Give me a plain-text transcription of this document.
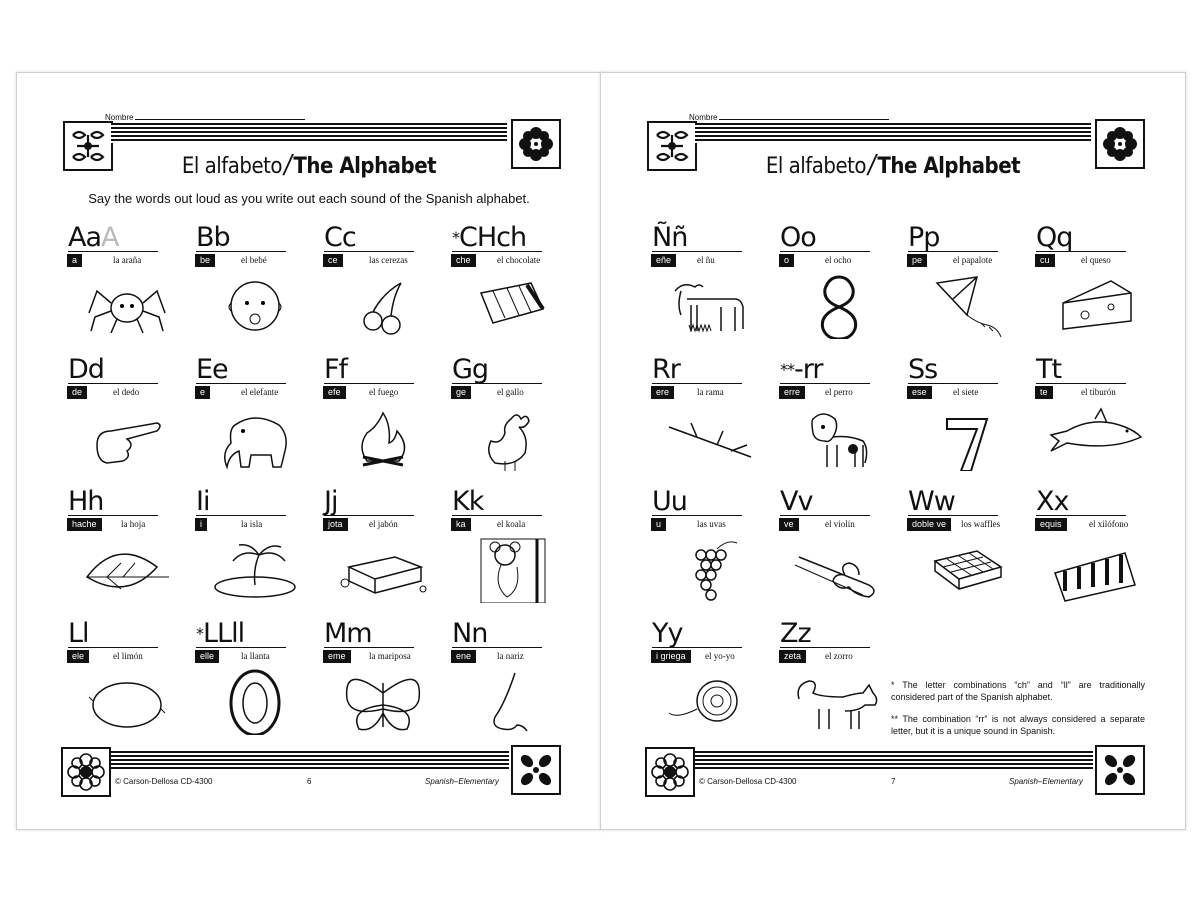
Nombre
El alfabeto/The Alphabet
Say the words out loud as you write out each sound of the Spanish alphabet.
AaA
a	la araña
Bb
be	el bebé
Cc
ce	las cerezas
*CHch
che	el chocolate
Dd
de	el dedo
Ee
e	el elefante
Ff
efe	el fuego
Gg
ge	el gallo
Hh
hache	la hoja
Ii
i	la isla
Jj
jota	el jabón
Kk
ka	el koala
Ll
ele	el limón
*LLll
elle	la llanta
Mm
eme	la mariposa
Nn
ene	la nariz
© Carson-Dellosa CD-4300	6	Spanish–Elementary
Nombre
El alfabeto/The Alphabet
Ññ
eñe	el ñu
Oo
o	el ocho
Pp
pe	el papalote
Qq
cu	el queso
Rr
ere	la rama
**-rr
erre	el perro
Ss
ese	el siete
Tt
te	el tiburón
Uu
u	las uvas
Vv
ve	el violín
Ww
doble ve	los waffles
Xx
equis	el xilófono
Yy
i griega	el yo-yo
Zz
zeta	el zorro

* The letter combinations “ch” and “ll” are traditionally considered part of the Spanish alphabet.

** The combination “rr” is not always considered a separate letter, but it is a unique sound in Spanish.

© Carson-Dellosa CD-4300	7	Spanish–Elementary
